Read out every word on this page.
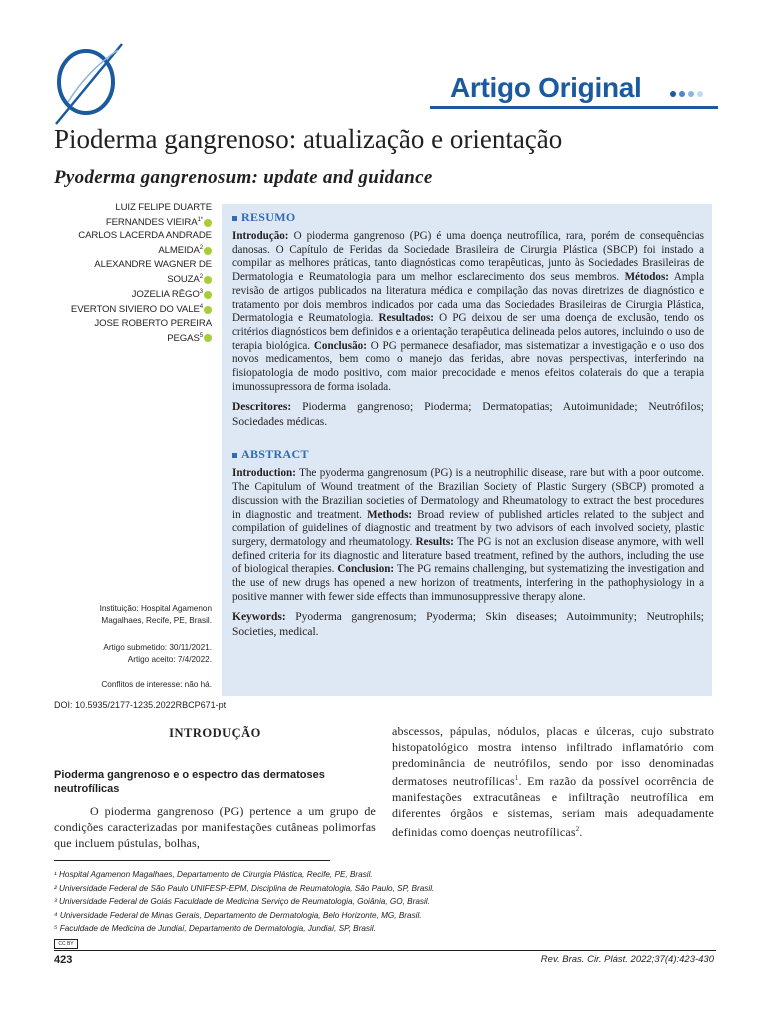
Artigo Original
Pioderma gangrenoso: atualização e orientação
Pyoderma gangrenosum: update and guidance
LUIZ FELIPE DUARTE
FERNANDES $VIEIRA^{1*}$
CARLOS LACERDA ANDRADE
ALMEIDA$^2$
ALEXANDRE WAGNER DE
SOUZA$^2$
JOZELIA RÊGO$^3$
EVERTON SIVIERO DO VALE$^4$
JOSE ROBERTO PEREIRA
PEGAS$^5$
Instituição: Hospital Agamenon
Magalhaes, Recife, PE, Brasil.
Artigo submetido: 30/11/2021.
Artigo aceito: 7/4/2022.
Conflitos de interesse: não há.
RESUMO
Introdução: O pioderma gangrenoso (PG) é uma doença neutrofílica, rara, porém de consequências danosas. O Capítulo de Feridas da Sociedade Brasileira de Cirurgia Plástica (SBCP) foi instado a compilar as melhores práticas, tanto diagnósticas como terapêuticas, junto às Sociedades Brasileiras de Dermatologia e Reumatologia para um melhor esclarecimento dos seus membros. Métodos: Ampla revisão de artigos publicados na literatura médica e compilação das novas diretrizes de diagnóstico e tratamento por dois membros indicados por cada uma das Sociedades Brasileiras de Cirurgia Plástica, Dermatologia e Reumatologia. Resultados: O PG deixou de ser uma doença de exclusão, tendo os critérios diagnósticos bem definidos e a orientação terapêutica delineada pelos autores, incluindo o uso de terapia biológica. Conclusão: O PG permanece desafiador, mas sistematizar a investigação e o uso dos novos medicamentos, bem como o manejo das feridas, abre novas perspectivas, interferindo na fisiopatologia de modo positivo, com maior precocidade e menos efeitos colaterais do que a terapia imunossupressora de forma isolada.
Descritores: Pioderma gangrenoso; Pioderma; Dermatopatias; Autoimunidade; Neutrófilos; Sociedades médicas.
ABSTRACT
Introduction: The pyoderma gangrenosum (PG) is a neutrophilic disease, rare but with a poor outcome. The Capitulum of Wound treatment of the Brazilian Society of Plastic Surgery (SBCP) promoted a discussion with the Brazilian societies of Dermatology and Rheumatology to extract the best procedures in diagnostic and treatment. Methods: Broad review of published articles related to the subject and compilation of guidelines of diagnostic and treatment by two advisors of each involved society, plastic surgery, dermatology and rheumatology. Results: The PG is not an exclusion disease anymore, with well defined criteria for its diagnostic and literature based treatment, refined by the authors, including the use of biological therapies. Conclusion: The PG remains challenging, but systematizing the investigation and the use of new drugs has opened a new horizon of treatments, interfering in the pathophysiology in a positive manner with fewer side effects than immunosuppressive therapy alone.
Keywords: Pyoderma gangrenosum; Pyoderma; Skin diseases; Autoimmunity; Neutrophils; Societies, medical.
DOI: 10.5935/2177-1235.2022RBCP671-pt
INTRODUÇÃO
Pioderma gangrenoso e o espectro das dermatoses neutrofílicas
O pioderma gangrenoso (PG) pertence a um grupo de condições caracterizadas por manifestações cutâneas polimorfas que incluem pústulas, bolhas,
abscessos, pápulas, nódulos, placas e úlceras, cujo substrato histopatológico mostra intenso infiltrado inflamatório com predominância de neutrófilos, sendo por isso denominadas dermatoses neutrofílicas$^1$. Em razão da possível ocorrência de manifestações extracutâneas e infiltração neutrofílica em diferentes órgãos e sistemas, seriam mais adequadamente definidas como doenças neutrofílicas$^2$.
¹ Hospital Agamenon Magalhaes, Departamento de Cirurgia Plástica, Recife, PE, Brasil.
² Universidade Federal de São Paulo UNIFESP-EPM, Disciplina de Reumatologia, São Paulo, SP, Brasil.
³ Universidade Federal de Goiás Faculdade de Medicina Serviço de Reumatologia, Goiânia, GO, Brasil.
⁴ Universidade Federal de Minas Gerais, Departamento de Dermatologia, Belo Horizonte, MG, Brasil.
⁵ Faculdade de Medicina de Jundiaí, Departamento de Dermatologia, Jundiaí, SP, Brasil.
CC BY
423	Rev. Bras. Cir. Plást. 2022;37(4):423-430
